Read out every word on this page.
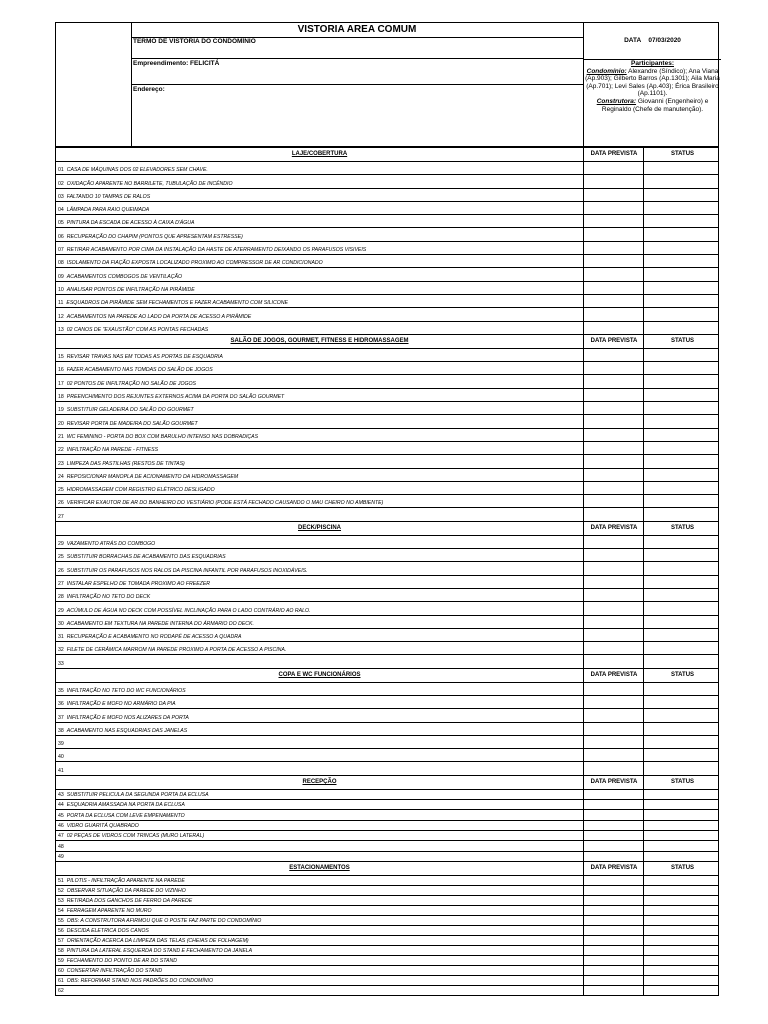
VISTORIA AREA COMUM
TERMO DE VISTORIA DO CONDOMÍNIO
Empreendimento: FELICITÁ
Endereço:
DATA 07/03/2020
Participantes:
Condomínio: Alexandre (Síndico); Ana Viana (Ap.903); Gilberto Barros (Ap.1301); Aila Maria (Ap.701); Levi Sales (Ap.403); Érica Brasileiro (Ap.1101).
Construtora: Giovanni (Engenheiro) e Reginaldo (Chefe de manutenção).
LAJE/COBERTURA	DATA PREVISTA	STATUS
01 CASA DE MÁQUINAS DOS 02 ELEVADORES SEM CHAVE.
02 OXIDAÇÃO APARENTE NO BARRILETE, TUBULAÇÃO DE INCÊNDIO
03 FALTANDO 10 TAMPAS DE RALOS
04 LÂMPADA PARA RAIO QUEIMADA
05 PINTURA DA ESCADA DE ACESSO À CAIXA D'ÁGUA
06 RECUPERAÇÃO DO CHAPIM (PONTOS QUE APRESENTAM ESTRESSE)
07 RETIRAR ACABAMENTO POR CIMA DA INSTALAÇÃO DA HASTE DE ATERRAMENTO DEIXANDO OS PARAFUSOS VISIVEIS
08 ISOLAMENTO DA FIAÇÃO EXPOSTA LOCALIZADO PROXIMO AO COMPRESSOR DE AR CONDICIONADO
09 ACABAMENTOS COMBOGOS DE VENTILAÇÃO
10 ANALISAR PONTOS DE INFILTRAÇÃO NA PIRÂMIDE
11 ESQUADROS DA PIRÂMIDE SEM FECHAMENTOS E FAZER ACABAMENTO COM SILICONE
12 ACABAMENTOS NA PAREDE AO LADO DA PORTA DE ACESSO A PIRÂMIDE
13 02 CANOS DE "EXAUSTÃO" COM AS PONTAS FECHADAS
SALÃO DE JOGOS, GOURMET, FITNESS E HIDROMASSAGEM	DATA PREVISTA	STATUS
15 REVISAR TRAVAS NAS EM TODAS AS PORTAS DE ESQUADRIA
16 FAZER ACABAMENTO NAS TOMDAS DO SALÃO DE JOGOS
17 02 PONTOS DE INFILTRAÇÃO NO SALÃO DE JOGOS
18 PREENCHIMENTO DOS REJUNTES EXTERNOS ACIMA DA PORTA DO SALÃO GOURMET
19 SUBSTITUIR GELADEIRA DO SALÃO DO GOURMET
20 REVISAR PORTA DE MADEIRA DO SALÃO GOURMET
21 WC FEMININO - PORTA DO BOX COM BARULHO INTENSO NAS DOBRADIÇAS
22 INFILTRAÇÃO NA PAREDE - FITNESS
23 LIMPEZA DAS PASTILHAS (RESTOS DE TINTAS)
24 REPOSICIONAR MANOPLA DE ACIONAMENTO DA HIDROMASSAGEM
25 HIDROMASSAGEM COM REGISTRO ELÉTRICO DESLIGADO
26 VERIFICAR EXAUTOR DE AR DO BANHEIRO DO VESTIÁRIO (PODE ESTÁ FECHADO CAUSANDO O MAU CHEIRO NO AMBIENTE)
27
DECK/PISCINA	DATA PREVISTA	STATUS
29 VAZAMENTO ATRÁS DO COMBOGO
25 SUBSTITUIR BORRACHAS DE ACABAMENTO DAS ESQUADRIAS
26 SUBSTITUIR OS PARAFUSOS NOS RALOS DA PISCINA INFANTIL POR PARAFUSOS INOXIDÁVEIS.
27 INSTALAR ESPELHO DE TOMADA PROXIMO AO FREEZER
28 INFILTRAÇÃO NO TETO DO DECK
29 ACÚMULO DE ÁGUA NO DECK COM POSSÍVEL INCLINAÇÃO PARA O LADO CONTRÁRIO AO RALO.
30 ACABAMENTO EM TEXTURA NA PAREDE INTERNA DO ÁRMARIO DO DECK.
31 RECUPERAÇÃO E ACABAMENTO NO RODAPÉ DE ACESSO A QUADRA
32 FILETE DE CERÂMICA MARROM NA PAREDE PROXIMO A PORTA DE ACESSO A PISCINA.
33
COPA E WC FUNCIONÁRIOS	DATA PREVISTA	STATUS
35 INFILTRAÇÃO NO TETO DO WC FUNCIONÁRIOS
36 INFILTRAÇÃO E MOFO NO ARMÁRIO DA PIA
37 INFILTRAÇÃO E MOFO NOS ALIZARES DA PORTA
38 ACABAMENTO NAS ESQUADRIAS DAS JANELAS
39
40
41
RECEPÇÃO	DATA PREVISTA	STATUS
43 SUBSTITUIR PELICULA DA SEGUNDA PORTA DA ECLUSA
44 ESQUADRIA AMASSADA NA PORTA DA ECLUSA
45 PORTA DA ECLUSA COM LEVE EMPENAMENTO
46 VIDRO GUARITÁ QUABRADO
47 02 PEÇAS DE VIDROS COM TRINCAS (MURO LATERAL)
48
49
ESTACIONAMENTOS	DATA PREVISTA	STATUS
51 PILOTIS - INFILTRAÇÃO APARENTE NA PAREDE
52 OBSERVAR SITUAÇÃO DA PAREDE DO VIZINHO
53 RETIRADA DOS GANCHOS DE FERRO DA PAREDE
54 FERRAGEM APARENTE NO MURO
55 OBS: A CONSTRUTORA AFIRMOU QUE O POSTE FAZ PARTE DO CONDOMÍNIO
56 DESCIDA ELETRICA DOS CANOS
57 ORIENTAÇÃO ACERCA DA LIMPEZA DAS TELAS (CHEIAS DE FOLHAGEM)
58 PINTURA DA LATERAL ESQUERDA DO STAND E FECHAMENTO DA JANELA
59 FECHAMENTO DO PONTO DE AR DO STAND
60 CONSERTAR INFILTRAÇÃO DO STAND
61 OBS: REFORMAR STAND NOS PADRÕES DO CONDOMÍNIO
62
